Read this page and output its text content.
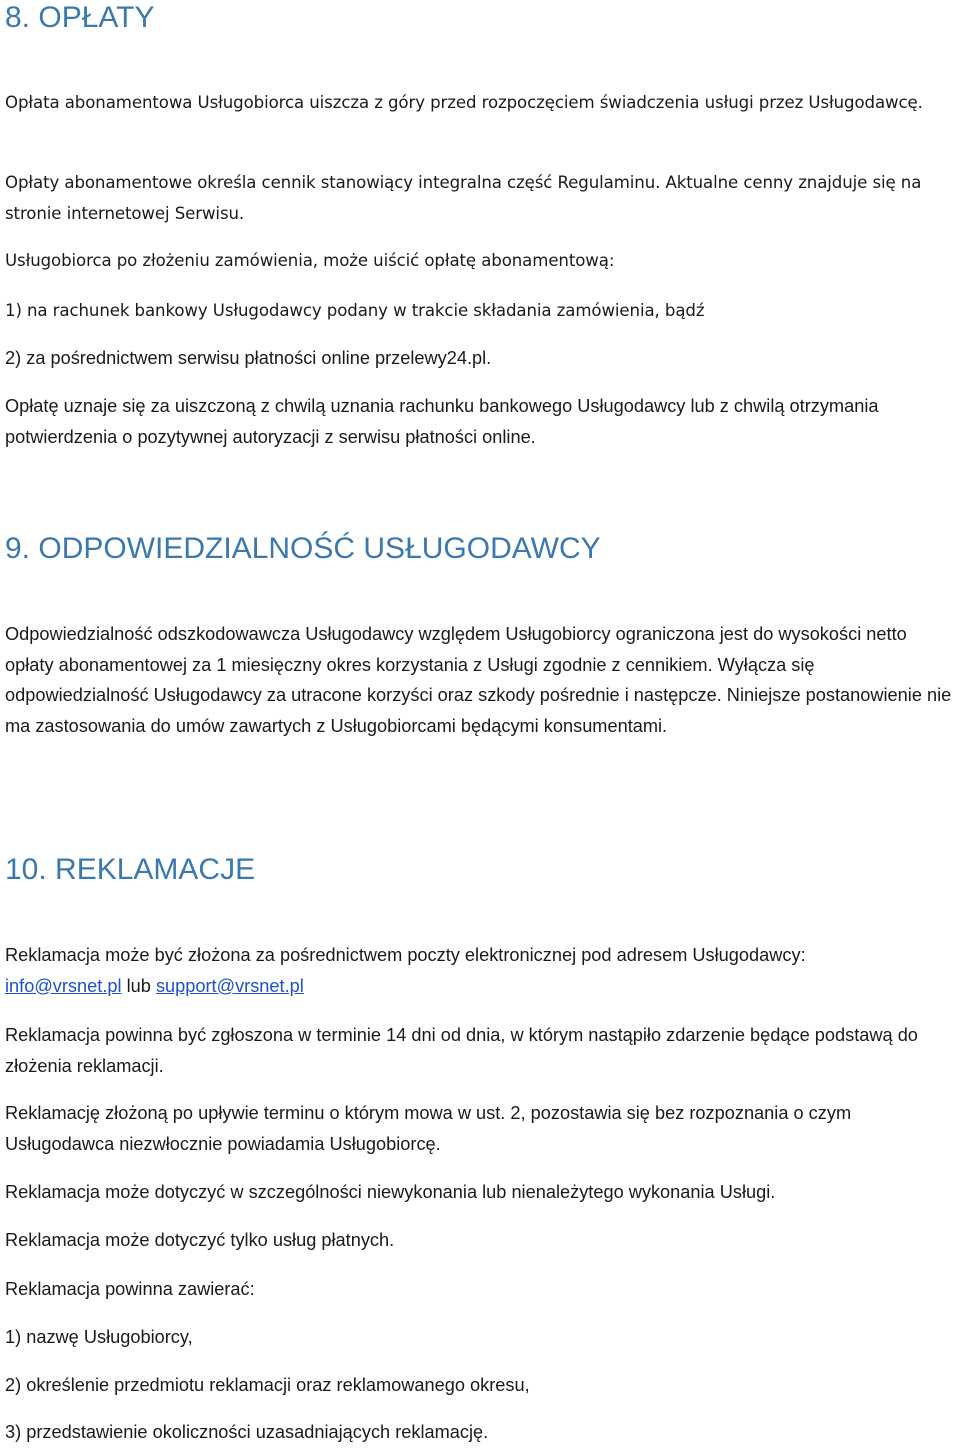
8. OPŁATY

Opłata abonamentowa Usługobiorca uiszcza z góry przed rozpoczęciem świadczenia usługi przez Usługodawcę.

Opłaty abonamentowe określa cennik stanowiący integralna część Regulaminu. Aktualne cenny znajduje się na stronie internetowej Serwisu.

Usługobiorca po złożeniu zamówienia, może uiścić opłatę abonamentową:

1) na rachunek bankowy Usługodawcy podany w trakcie składania zamówienia, bądź

2) za pośrednictwem serwisu płatności online przelewy24.pl.

Opłatę uznaje się za uiszczoną z chwilą uznania rachunku bankowego Usługodawcy lub z chwilą otrzymania potwierdzenia o pozytywnej autoryzacji z serwisu płatności online.

9. ODPOWIEDZIALNOŚĆ USŁUGODAWCY

Odpowiedzialność odszkodowawcza Usługodawcy względem Usługobiorcy ograniczona jest do wysokości netto opłaty abonamentowej za 1 miesięczny okres korzystania z Usługi zgodnie z cennikiem. Wyłącza się odpowiedzialność Usługodawcy za utracone korzyści oraz szkody pośrednie i następcze. Niniejsze postanowienie nie ma zastosowania do umów zawartych z Usługobiorcami będącymi konsumentami.

10. REKLAMACJE

Reklamacja może być złożona za pośrednictwem poczty elektronicznej pod adresem Usługodawcy:
info@vrsnet.pl lub support@vrsnet.pl

Reklamacja powinna być zgłoszona w terminie 14 dni od dnia, w którym nastąpiło zdarzenie będące podstawą do złożenia reklamacji.

Reklamację złożoną po upływie terminu o którym mowa w ust. 2, pozostawia się bez rozpoznania o czym Usługodawca niezwłocznie powiadamia Usługobiorcę.

Reklamacja może dotyczyć w szczególności niewykonania lub nienależytego wykonania Usługi.

Reklamacja może dotyczyć tylko usług płatnych.

Reklamacja powinna zawierać:

1) nazwę Usługobiorcy,

2) określenie przedmiotu reklamacji oraz reklamowanego okresu,

3) przedstawienie okoliczności uzasadniających reklamację.
